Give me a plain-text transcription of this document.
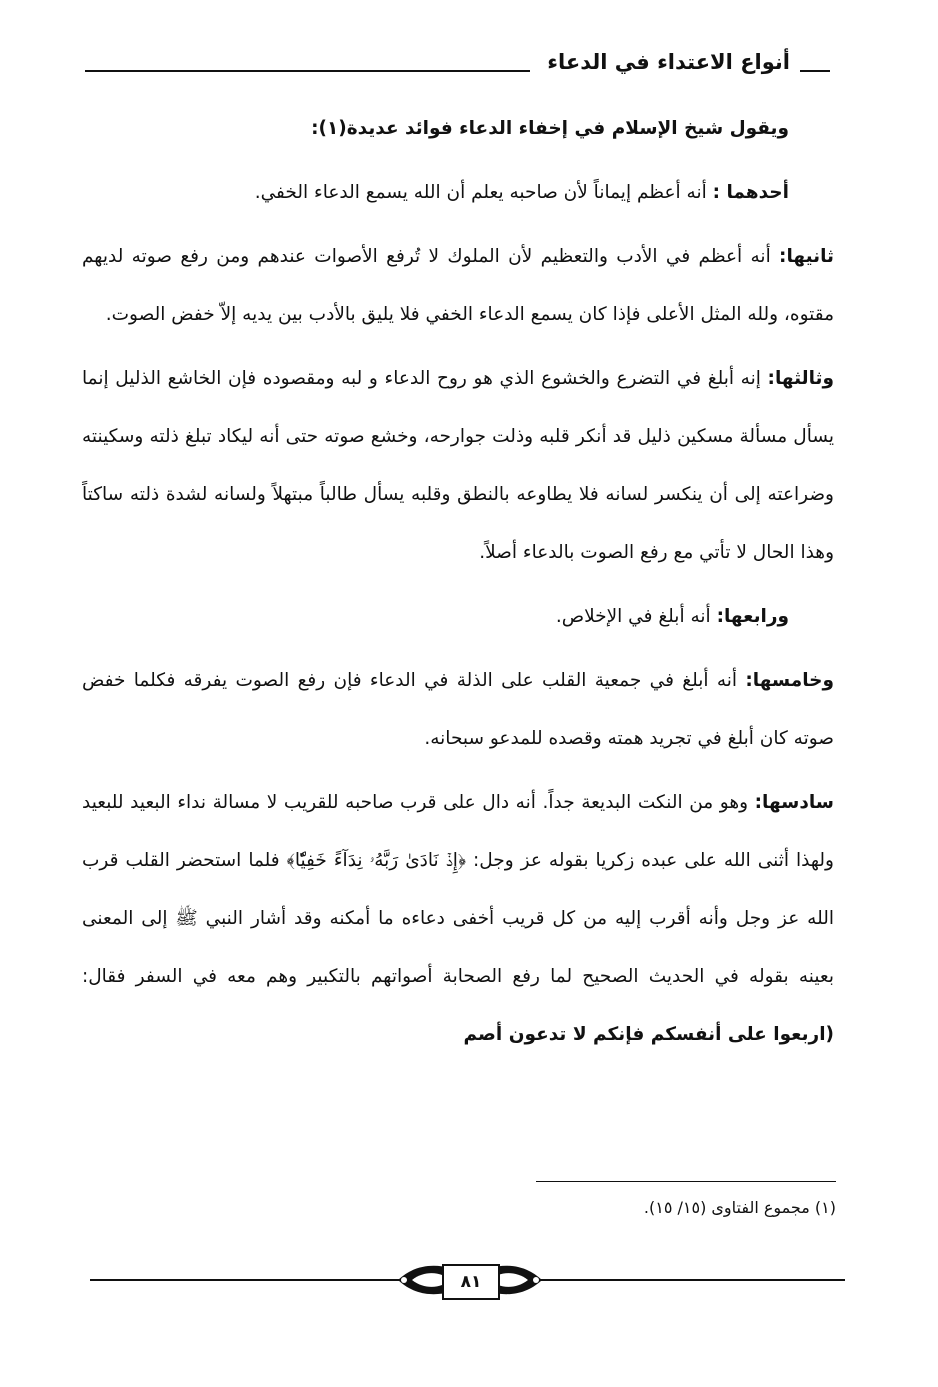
أنواع الاعتداء في الدعاء

ويقول شيخ الإسلام في إخفاء الدعاء فوائد عديدة(١):

أحدهما : أنه أعظم إيماناً لأن صاحبه يعلم أن الله يسمع الدعاء الخفي.

ثانيها: أنه أعظم في الأدب والتعظيم لأن الملوك لا تُرفع الأصوات عندهم ومن رفع صوته لديهم مقتوه، ولله المثل الأعلى فإذا كان يسمع الدعاء الخفي فلا يليق بالأدب بين يديه إلاّ خفض الصوت.

وثالثها: إنه أبلغ في التضرع والخشوع الذي هو روح الدعاء و لبه ومقصوده فإن الخاشع الذليل إنما يسأل مسألة مسكين ذليل قد أنكر قلبه وذلت جوارحه، وخشع صوته حتى أنه ليكاد تبلغ ذلته وسكينته وضراعته إلى أن ينكسر لسانه فلا يطاوعه بالنطق وقلبه يسأل طالباً مبتهلاً ولسانه لشدة ذلته ساكتاً وهذا الحال لا تأتي مع رفع الصوت بالدعاء أصلاً.

ورابعها: أنه أبلغ في الإخلاص.

وخامسها: أنه أبلغ في جمعية القلب على الذلة في الدعاء فإن رفع الصوت يفرقه فكلما خفض صوته كان أبلغ في تجريد همته وقصده للمدعو سبحانه.

سادسها: وهو من النكت البديعة جداً. أنه دال على قرب صاحبه للقريب لا مسالة نداء البعيد للبعيد ولهذا أثنى الله على عبده زكريا بقوله عز وجل: ﴿إِذۡ نَادَىٰ رَبَّهُۥ نِدَآءً خَفِيّٗا﴾ فلما استحضر القلب قرب الله عز وجل وأنه أقرب إليه من كل قريب أخفى دعاءه ما أمكنه وقد أشار النبي ﷺ إلى المعنى بعينه بقوله في الحديث الصحيح لما رفع الصحابة أصواتهم بالتكبير وهم معه في السفر فقال: (اربعوا على أنفسكم فإنكم لا تدعون أصم

(١) مجموع الفتاوى (١٥/ ١٥).
٨١
